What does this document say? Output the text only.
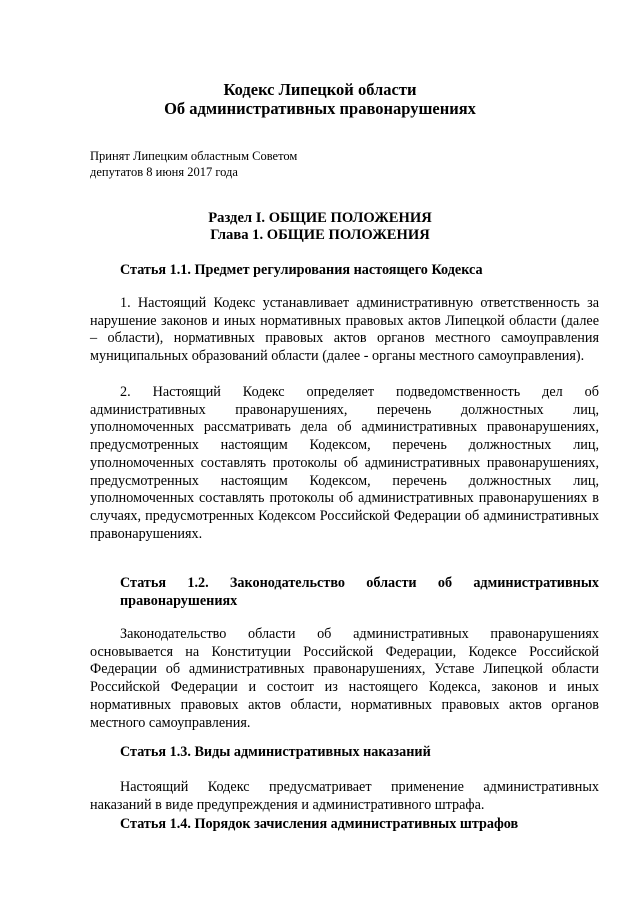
Кодекс Липецкой области
Об административных правонарушениях
Принят Липецким областным Советом
депутатов 8 июня 2017 года
Раздел I. ОБЩИЕ ПОЛОЖЕНИЯ
Глава 1. ОБЩИЕ ПОЛОЖЕНИЯ
Статья 1.1. Предмет регулирования настоящего Кодекса
1. Настоящий Кодекс устанавливает административную ответственность за нарушение законов и иных нормативных правовых актов Липецкой области (далее – области), нормативных правовых актов органов местного самоуправления муниципальных образований области (далее - органы местного самоуправления).
2. Настоящий Кодекс определяет подведомственность дел об административных правонарушениях, перечень должностных лиц, уполномоченных рассматривать дела об административных правонарушениях, предусмотренных настоящим Кодексом, перечень должностных лиц, уполномоченных составлять протоколы об административных правонарушениях, предусмотренных настоящим Кодексом, перечень должностных лиц, уполномоченных составлять протоколы об административных правонарушениях в случаях, предусмотренных Кодексом Российской Федерации об административных правонарушениях.
Статья 1.2. Законодательство области об административных правонарушениях
Законодательство области об административных правонарушениях основывается на Конституции Российской Федерации, Кодексе Российской Федерации об административных правонарушениях, Уставе Липецкой области Российской Федерации и состоит из настоящего Кодекса, законов и иных нормативных правовых актов области, нормативных правовых актов органов местного самоуправления.
Статья 1.3. Виды административных наказаний
Настоящий Кодекс предусматривает применение административных наказаний в виде предупреждения и административного штрафа.
Статья 1.4. Порядок зачисления административных штрафов
